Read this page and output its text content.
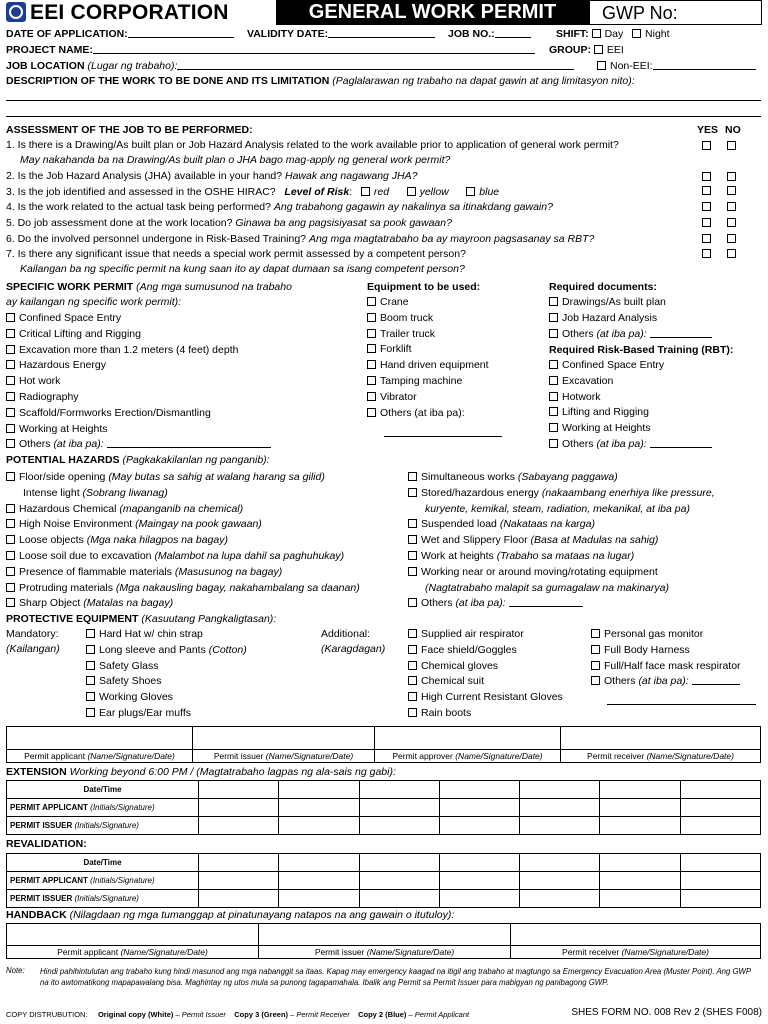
EEI CORPORATION	GENERAL WORK PERMIT	GWP No:
DATE OF APPLICATION:	VALIDITY DATE:	JOB NO.:	SHIFT: Day Night
PROJECT NAME:	GROUP: EEI
JOB LOCATION (Lugar ng trabaho):	Non-EEI:
DESCRIPTION OF THE WORK TO BE DONE AND ITS LIMITATION (Paglalarawan ng trabaho na dapat gawin at ang limitasyon nito):
ASSESSMENT OF THE JOB TO BE PERFORMED:	YES NO
1. Is there is a Drawing/As built plan or Job Hazard Analysis related to the work available prior to application of general work permit?
May nakahanda ba na Drawing/As built plan o JHA bago mag-apply ng general work permit?
2. Is the Job Hazard Analysis (JHA) available in your hand? Hawak ang nagawang JHA?
3. Is the job identified and assessed in the OSHE HIRAC? Level of Risk:   red	yellow	blue
4. Is the work related to the actual task being performed? Ang trabahong gagawin ay nakalinya sa itinakdang gawain?
5. Do job assessment done at the work location? Ginawa ba ang pagsisiyasat sa pook gawaan?
6. Do the involved personnel undergone in Risk-Based Training? Ang mga magtatrabaho ba ay mayroon pagsasanay sa RBT?
7. Is there any significant issue that needs a special work permit assessed by a competent person?
Kailangan ba ng specific permit na kung saan ito ay dapat dumaan sa isang competent person?
SPECIFIC WORK PERMIT (Ang mga sumusunod na trabaho
ay kailangan ng specific work permit):
Confined Space Entry
Critical Lifting and Rigging
Excavation more than 1.2 meters (4 feet) depth
Hazardous Energy
Hot work
Radiography
Scaffold/Formworks Erection/Dismantling
Working at Heights
Others (at iba pa):
Equipment to be used:
Crane
Boom truck
Trailer truck
Forklift
Hand driven equipment
Tamping machine
Vibrator
Others (at iba pa):
Required documents:
Drawings/As built plan
Job Hazard Analysis
Others (at iba pa):
Required Risk-Based Training (RBT):
Confined Space Entry
Excavation
Hotwork
Lifting and Rigging
Working at Heights
Others (at iba pa):
POTENTIAL HAZARDS (Pagkakakilanlan ng panganib):
Floor/side opening (May butas sa sahig at walang harang sa gilid)
Intense light (Sobrang liwanag)
Hazardous Chemical (mapanganib na chemical)
High Noise Environment (Maingay na pook gawaan)
Loose objects (Mga naka hilagpos na bagay)
Loose soil due to excavation (Malambot na lupa dahil sa paghuhukay)
Presence of flammable materials (Masusunog na bagay)
Protruding materials (Mga nakausling bagay, nakahambalang sa daanan)
Sharp Object (Matalas na bagay)
Simultaneous works (Sabayang paggawa)
Stored/hazardous energy (nakaambang enerhiya like pressure,
kuryente, kemikal, steam, radiation, mekanikal, at iba pa)
Suspended load (Nakataas na karga)
Wet and Slippery Floor (Basa at Madulas na sahig)
Work at heights (Trabaho sa mataas na lugar)
Working near or around moving/rotating equipment
(Nagtatrabaho malapit sa gumagalaw na makinarya)
Others (at iba pa):
PROTECTIVE EQUIPMENT (Kasuutang Pangkaligtasan):
Mandatory:
(Kailangan)
Hard Hat w/ chin strap
Long sleeve and Pants (Cotton)
Safety Glass
Safety Shoes
Working Gloves
Ear plugs/Ear muffs
Additional:
(Karagdagan)
Supplied air respirator
Face shield/Goggles
Chemical gloves
Chemical suit
High Current Resistant Gloves
Rain boots
Personal gas monitor
Full Body Harness
Full/Half face mask respirator
Others (at iba pa):

Permit applicant (Name/Signature/Date)	Permit issuer (Name/Signature/Date)	Permit approver (Name/Signature/Date)	Permit receiver (Name/Signature/Date)
EXTENSION Working beyond 6:00 PM / (Magtatrabaho lagpas ng ala-sais ng gabi):
Date/Time							
PERMIT APPLICANT (Initials/Signature)							
PERMIT ISSUER (Initials/Signature)							
REVALIDATION:
Date/Time							
PERMIT APPLICANT (Initials/Signature)							
PERMIT ISSUER (Initials/Signature)							
HANDBACK (Nilagdaan ng mga tumanggap at pinatunayang natapos na ang gawain o itutuloy):

Permit applicant (Name/Signature/Date)	Permit issuer (Name/Signature/Date)	Permit receiver (Name/Signature/Date)
Note: Hindi pahihintulutan ang trabaho kung hindi masunod ang mga nabanggit sa itaas. Kapag may emergency kaagad na itigil ang trabaho at magtungo sa Emergency Evacuation Area (Muster Point). Ang GWP na ito awtomatikong mapapawalang bisa. Maghintay ng utos mula sa punong tagapamahala. Ibalik ang Permit sa Permit Issuer para mabigyan ng panibagong GWP.
COPY DISTRUBUTION: Original copy (White) – Permit Issuer Copy 3 (Green) – Permit Receiver Copy 2 (Blue) – Permit Applicant	SHES FORM NO. 008 Rev 2 (SHES F008)
